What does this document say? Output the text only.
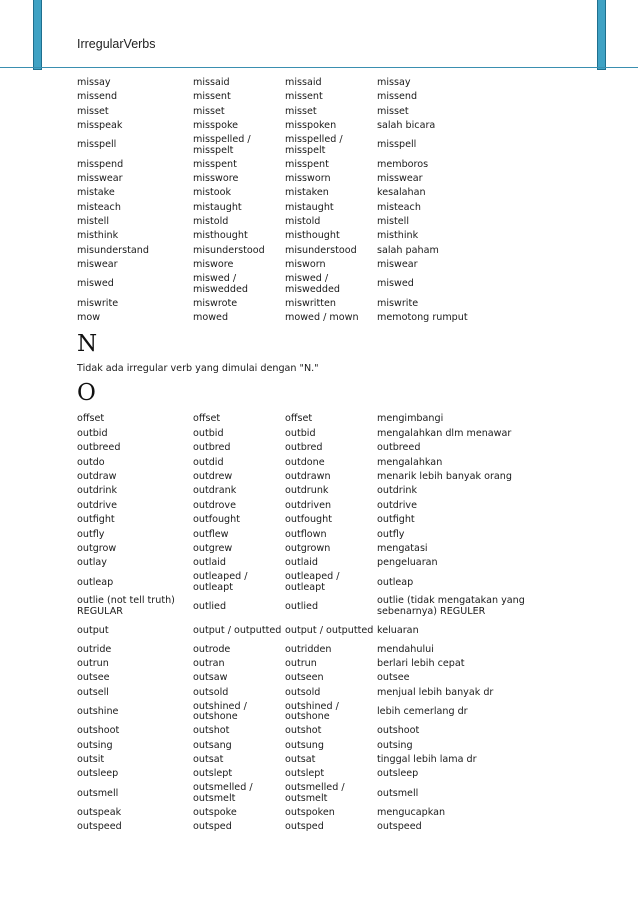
IrregularVerbs
missay	missaid	missaid	missay
missend	missent	missent	missend
misset	misset	misset	misset
misspeak	misspoke	misspoken	salah bicara
misspell	misspelled / misspelt	misspelled / misspelt	misspell
misspend	misspent	misspent	memboros
misswear	misswore	missworn	misswear
mistake	mistook	mistaken	kesalahan
misteach	mistaught	mistaught	misteach
mistell	mistold	mistold	mistell
misthink	misthought	misthought	misthink
misunderstand	misunderstood	misunderstood	salah paham
miswear	miswore	misworn	miswear
miswed	miswed / miswedded	miswed / miswedded	miswed
miswrite	miswrote	miswritten	miswrite
mow	mowed	mowed / mown	memotong rumput
N
Tidak ada irregular verb yang dimulai dengan "N."
O
offset	offset	offset	mengimbangi
outbid	outbid	outbid	mengalahkan dlm menawar
outbreed	outbred	outbred	outbreed
outdo	outdid	outdone	mengalahkan
outdraw	outdrew	outdrawn	menarik lebih banyak orang
outdrink	outdrank	outdrunk	outdrink
outdrive	outdrove	outdriven	outdrive
outfight	outfought	outfought	outfight
outfly	outflew	outflown	outfly
outgrow	outgrew	outgrown	mengatasi
outlay	outlaid	outlaid	pengeluaran
outleap	outleaped / outleapt	outleaped / outleapt	outleap
outlie (not tell truth) REGULAR	outlied	outlied	outlie (tidak mengatakan yang sebenarnya) REGULER
output	output / outputted	output / outputted	keluaran
outride	outrode	outridden	mendahului
outrun	outran	outrun	berlari lebih cepat
outsee	outsaw	outseen	outsee
outsell	outsold	outsold	menjual lebih banyak dr
outshine	outshined / outshone	outshined / outshone	lebih cemerlang dr
outshoot	outshot	outshot	outshoot
outsing	outsang	outsung	outsing
outsit	outsat	outsat	tinggal lebih lama dr
outsleep	outslept	outslept	outsleep
outsmell	outsmelled / outsmelt	outsmelled / outsmelt	outsmell
outspeak	outspoke	outspoken	mengucapkan
outspeed	outsped	outsped	outspeed
